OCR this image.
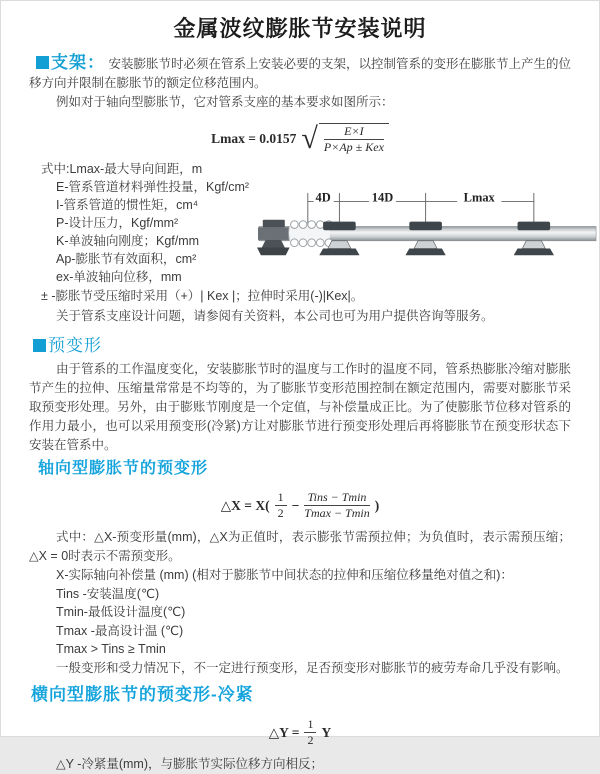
金属波纹膨胀节安装说明

支架： 安装膨胀节时必须在管系上安装必要的支架，以控制管系的变形在膨胀节上产生的位移方向并限制在膨胀节的额定位移范围内。

例如对于轴向型膨胀节，它对管系支座的基本要求如图所示：

Lmax = 0.0157 √ $\frac{E\times I}{\text{P×Ap ± Kex}}$
式中:Lmax-最大导向间距，m
E-管系管道材料弹性投量，Kgf/cm²
I-管系管道的惯性矩，cm⁴
P-设计压力，Kgf/mm²
K-单波轴向刚度；Kgf/mm
Ap-膨胀节有效面积，cm²
ex-单波轴向位移，mm
4D	14D	Lmax
± -膨胀节受压缩时采用（+）| Kex |；拉伸时采用(-)|Kex|。
关于管系支座设计问题，请参阅有关资料，本公司也可为用户提供咨询等服务。
预变形

由于管系的工作温度变化，安装膨胀节时的温度与工作时的温度不同，管系热膨胀冷缩对膨胀节产生的拉伸、压缩量常常是不均等的，为了膨胀节变形范围控制在额定范围内，需要对膨胀节采取预变形处理。另外，由于膨账节刚度是一个定值，与补偿量成正比。为了使膨胀节位移对管系的作用力最小，也可以采用预变形(冷紧)方让对膨胀节进行预变形处理后再将膨胀节在预变形状态下安装在管系中。

轴向型膨胀节的预变形
△X = $X( \frac{1}{2} - \frac{\text{Tins − Tmin}}{Tmax - Tmin}$ )

式中：△X-预变形量(mm)，△X为正值时，表示膨张节需预拉伸；为负值时，表示需预压缩；△X = 0时表示不需预变形。

X-实际轴向补偿量 (mm) (相对于膨胀节中间状态的拉伸和压缩位移量绝对值之和)：
Tins -安装温度(℃)
Tmin-最低设计温度(℃)
Tmax -最高设计温 (℃)
Tmax > Tins ≥ Tmin
一般变形和受力情况下，不一定进行预变形，足否预变形对膨胀节的疲劳寿命几乎没有影响。
横向型膨胀节的预变形-冷紧
△Y = $\frac{1}{2}$ Y
△Y -冷紧量(mm)，与膨胀节实际位移方向相反；
